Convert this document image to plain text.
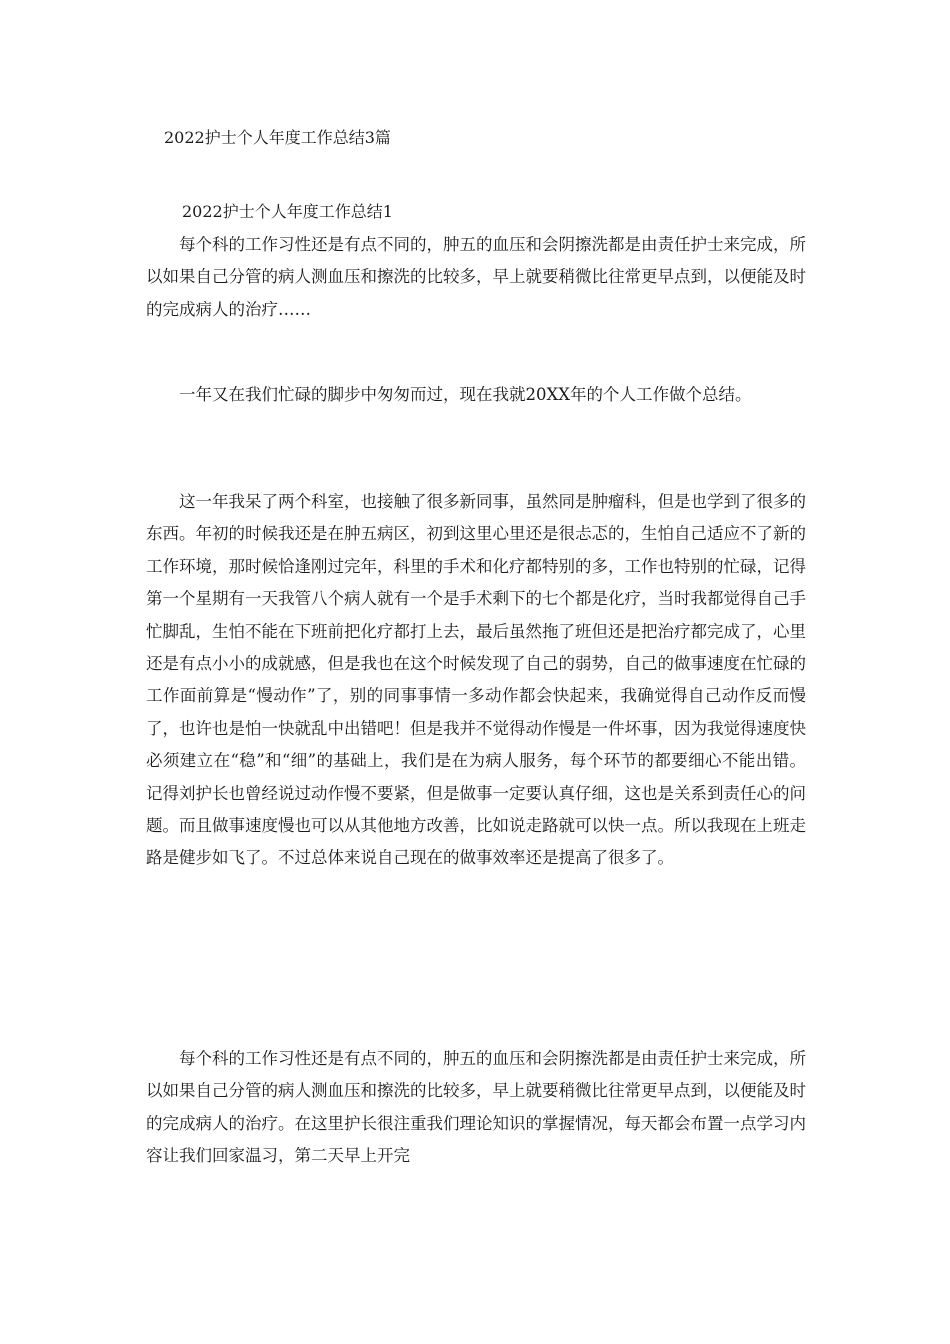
2022护士个人年度工作总结3篇
2022护士个人年度工作总结1

每个科的工作习性还是有点不同的，肿五的血压和会阴擦洗都是由责任护士来完成，所以如果自己分管的病人测血压和擦洗的比较多，早上就要稍微比往常更早点到，以便能及时的完成病人的治疗……

一年又在我们忙碌的脚步中匆匆而过，现在我就20XX年的个人工作做个总结。

这一年我呆了两个科室，也接触了很多新同事，虽然同是肿瘤科，但是也学到了很多的东西。年初的时候我还是在肿五病区，初到这里心里还是很忐忑的，生怕自己适应不了新的工作环境，那时候恰逢刚过完年，科里的手术和化疗都特别的多，工作也特别的忙碌，记得第一个星期有一天我管八个病人就有一个是手术剩下的七个都是化疗，当时我都觉得自己手忙脚乱，生怕不能在下班前把化疗都打上去，最后虽然拖了班但还是把治疗都完成了，心里还是有点小小的成就感，但是我也在这个时候发现了自己的弱势，自己的做事速度在忙碌的工作面前算是“慢动作”了，别的同事事情一多动作都会快起来，我确觉得自己动作反而慢了，也许也是怕一快就乱中出错吧！但是我并不觉得动作慢是一件坏事，因为我觉得速度快必须建立在“稳”和“细”的基础上，我们是在为病人服务，每个环节的都要细心不能出错。记得刘护长也曾经说过动作慢不要紧，但是做事一定要认真仔细，这也是关系到责任心的问题。而且做事速度慢也可以从其他地方改善，比如说走路就可以快一点。所以我现在上班走路是健步如飞了。不过总体来说自己现在的做事效率还是提高了很多了。

每个科的工作习性还是有点不同的，肿五的血压和会阴擦洗都是由责任护士来完成，所以如果自己分管的病人测血压和擦洗的比较多，早上就要稍微比往常更早点到，以便能及时的完成病人的治疗。在这里护长很注重我们理论知识的掌握情况，每天都会布置一点学习内容让我们回家温习，第二天早上开完
